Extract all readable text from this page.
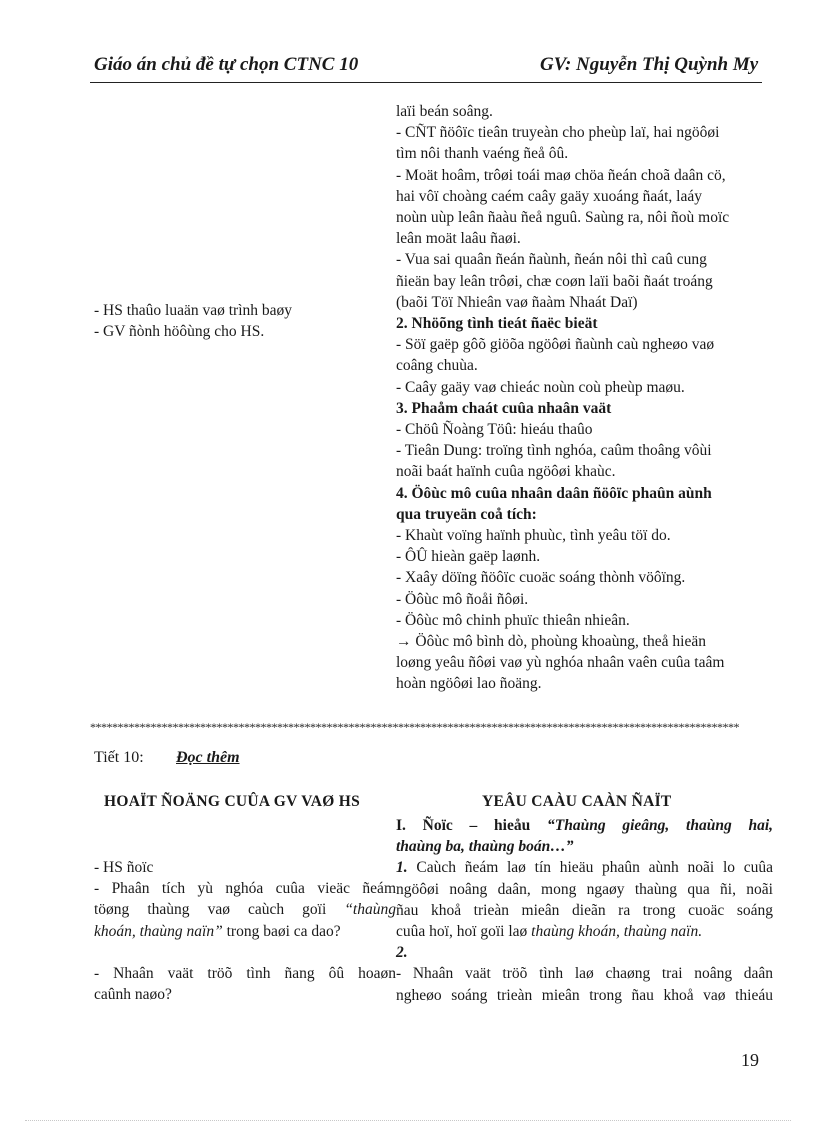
Giáo án chủ đề tự chọn CTNC 10	GV: Nguyễn Thị Quỳnh My
- HS thaûo luaän vaø trình baøy
- GV ñònh höôùng cho HS.
laïi beán soâng.
- CÑT ñöôïc tieân truyeàn cho pheùp laï, hai ngöôøi
tìm nôi thanh vaéng ñeå ôû.
- Moät hoâm, trôøi toái maø chöa ñeán choã daân cö,
hai vôï choàng caém caây gaäy xuoáng ñaát, laáy
noùn uùp leân ñaàu ñeå nguû. Saùng ra, nôi ñoù moïc
leân moät laâu ñaøi.
- Vua sai quaân ñeán ñaùnh, ñeán nôi thì caû cung
ñieän bay leân trôøi, chæ coøn laïi baõi ñaát troáng
(baõi Töï Nhieân vaø ñaàm Nhaát Daï)
2. Nhöõng tình tieát ñaëc bieät
- Söï gaëp gôõ giöõa ngöôøi ñaùnh caù ngheøo vaø
coâng chuùa.
- Caây gaäy vaø chieác noùn coù pheùp maøu.
3. Phaåm chaát cuûa nhaân vaät
- Chöû Ñoàng Töû: hieáu thaûo
- Tieân Dung: troïng tình nghóa, caûm thoâng vôùi
noãi baát haïnh cuûa ngöôøi khaùc.
4. Öôùc mô cuûa nhaân daân ñöôïc phaûn aùnh
qua truyeän coå tích:
- Khaùt voïng haïnh phuùc, tình yeâu töï do.
- ÔÛ hieàn gaëp laønh.
- Xaây döïng ñöôïc cuoäc soáng thònh vöôïng.
- Öôùc mô ñoåi ñôøi.
- Öôùc mô chinh phuïc thieân nhieân.
→ Öôùc mô bình dò, phoùng khoaùng, theå hieän
loøng yeâu ñôøi vaø yù nghóa nhaân vaên cuûa taâm
hoàn ngöôøi lao ñoäng.
**********************************************************************************************************************
Tiết 10: Đọc thêm
HOAÏT ÑOÄNG CUÛA GV VAØ HS	YEÂU CAÀU CAÀN ÑAÏT
I. Ñoïc – hieåu “Thaùng gieâng, thaùng hai,
thaùng ba, thaùng boán…”
1. Caùch ñeám laø tín hieäu phaûn aùnh noãi lo cuûa
ngöôøi noâng daân, mong ngaøy thaùng qua ñi, noãi
ñau khoå trieàn mieân dieãn ra trong cuoäc soáng
cuûa hoï, hoï goïi laø thaùng khoán, thaùng naïn.
2.
- Nhaân vaät tröõ tình laø chaøng trai noâng daân
ngheøo soáng trieàn mieân trong ñau khoå vaø thieáu
- HS ñoïc
- Phaân tích yù nghóa cuûa vieäc ñeám
töøng thaùng vaø caùch goïi “thaùng
khoán, thaùng naïn” trong baøi ca dao?
- Nhaân vaät tröõ tình ñang ôû hoaøn
caûnh naøo?
19
